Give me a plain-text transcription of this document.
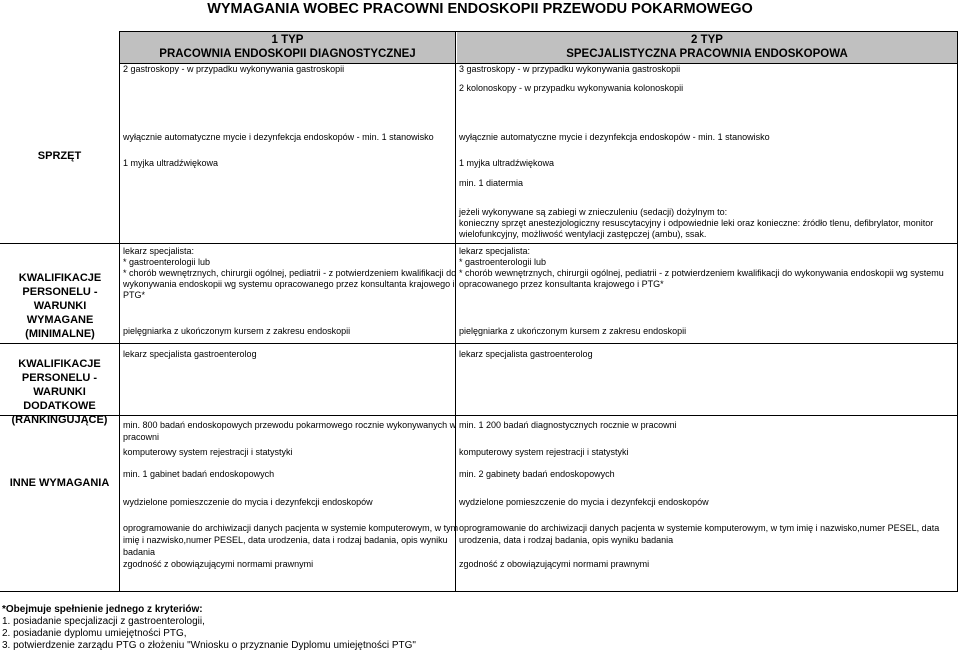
WYMAGANIA WOBEC PRACOWNI ENDOSKOPII PRZEWODU POKARMOWEGO
1 TYP
PRACOWNIA ENDOSKOPII DIAGNOSTYCZNEJ
2 TYP
SPECJALISTYCZNA PRACOWNIA ENDOSKOPOWA
2 gastroskopy - w przypadku wykonywania gastroskopii	3 gastroskopy - w przypadku wykonywania gastroskopii
2 kolonoskopy - w przypadku wykonywania kolonoskopii
SPRZĘT
wyłącznie automatyczne mycie i dezynfekcja endoskopów - min. 1 stanowisko
1 myjka ultradźwiękowa
wyłącznie automatyczne mycie i dezynfekcja endoskopów - min. 1 stanowisko
1 myjka ultradźwiękowa
min. 1 diatermia
jeżeli wykonywane są zabiegi w znieczuleniu (sedacji) dożylnym to:
konieczny sprzęt anestezjologiczny resuscytacyjny i odpowiednie leki oraz konieczne: źródło tlenu, defibrylator, monitor
wielofunkcyjny, możliwość wentylacji zastępczej (ambu), ssak.
KWALIFIKACJE PERSONELU - WARUNKI WYMAGANE (MINIMALNE)
lekarz specjalista:
* gastroenterologii lub
* chorób wewnętrznych, chirurgii ogólnej, pediatrii - z potwierdzeniem kwalifikacji do
wykonywania endoskopii wg systemu opracowanego przez konsultanta krajowego i
PTG*
pielęgniarka z ukończonym kursem z zakresu endoskopii
lekarz specjalista:
* gastroenterologii lub
* chorób wewnętrznych, chirurgii ogólnej, pediatrii - z potwierdzeniem kwalifikacji do wykonywania endoskopii wg systemu
opracowanego przez konsultanta krajowego i PTG*
pielęgniarka z ukończonym kursem z zakresu endoskopii
KWALIFIKACJE PERSONELU - WARUNKI DODATKOWE (RANKINGUJĄCE)
lekarz specjalista gastroenterolog	lekarz specjalista gastroenterolog
INNE WYMAGANIA
min. 800 badań endoskopowych przewodu pokarmowego rocznie wykonywanych w
pracowni
komputerowy system rejestracji i statystyki
min. 1 gabinet badań endoskopowych
wydzielone pomieszczenie do mycia i dezynfekcji endoskopów
oprogramowanie do archiwizacji danych pacjenta w systemie komputerowym, w tym
imię i nazwisko,numer PESEL, data urodzenia, data i rodzaj badania, opis wyniku
badania
zgodność z obowiązującymi normami prawnymi
min. 1 200 badań diagnostycznych rocznie w pracowni
komputerowy system rejestracji i statystyki
min. 2 gabinety badań endoskopowych
wydzielone pomieszczenie do mycia i dezynfekcji endoskopów
oprogramowanie do archiwizacji danych pacjenta w systemie komputerowym, w tym imię i nazwisko,numer PESEL, data
urodzenia, data i rodzaj badania, opis wyniku badania
zgodność z obowiązującymi normami prawnymi
*Obejmuje spełnienie jednego z kryteriów:
1. posiadanie specjalizacji z gastroenterologii,
2. posiadanie dyplomu umiejętności PTG,
3. potwierdzenie zarządu PTG o złożeniu "Wniosku o przyznanie Dyplomu umiejętności PTG"
